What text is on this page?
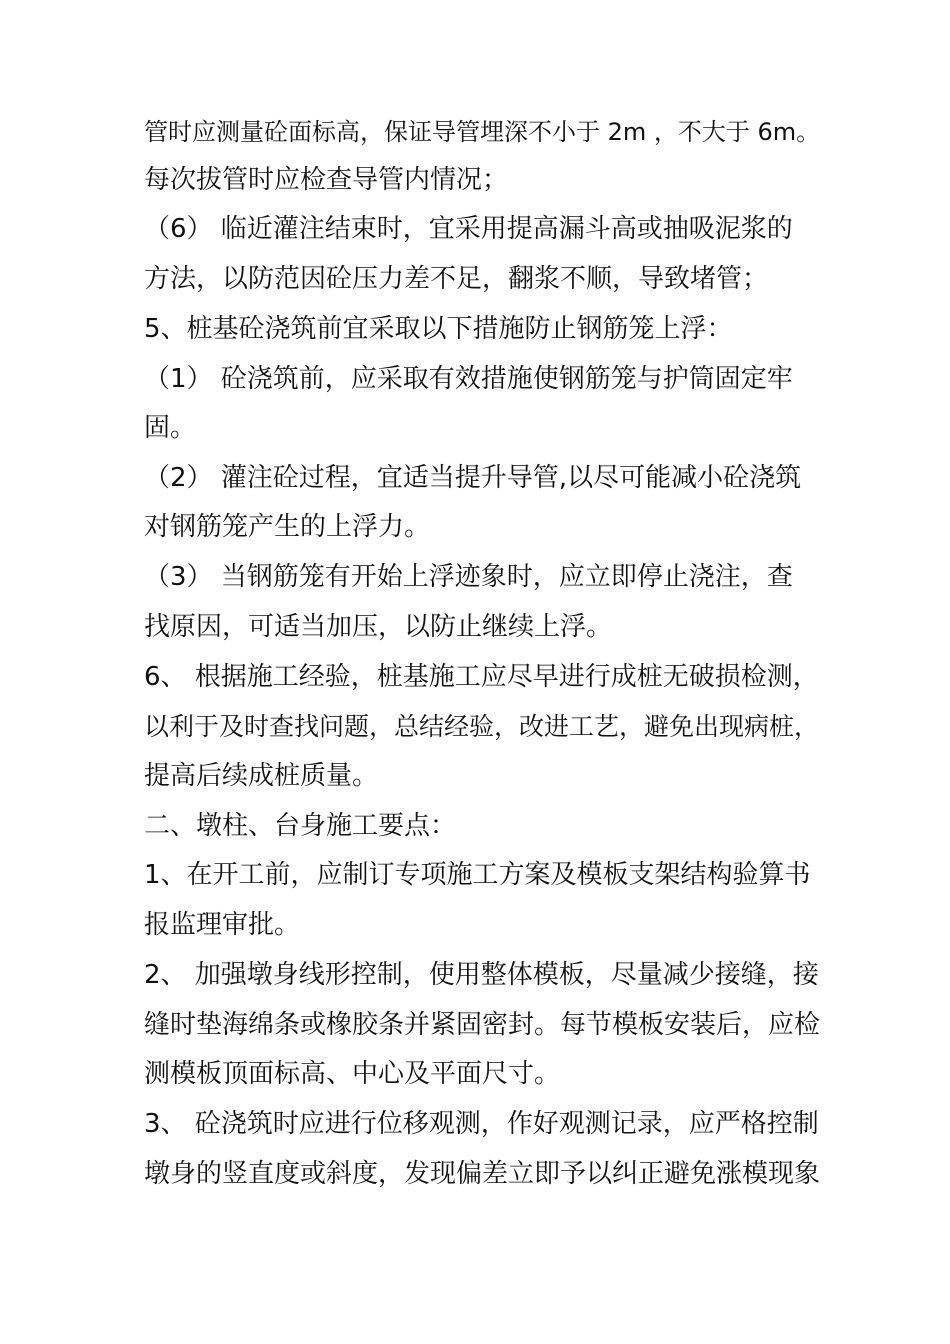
管时应测量砼面标高，保证导管埋深不小于 2m ，不大于 6m。
每次拔管时应检查导管内情况；
（6） 临近灌注结束时，宜采用提高漏斗高或抽吸泥浆的
方法，以防范因砼压力差不足，翻浆不顺，导致堵管；
5、桩基砼浇筑前宜采取以下措施防止钢筋笼上浮：
（1） 砼浇筑前，应采取有效措施使钢筋笼与护筒固定牢
固。
（2） 灌注砼过程，宜适当提升导管,以尽可能减小砼浇筑
对钢筋笼产生的上浮力。
（3） 当钢筋笼有开始上浮迹象时，应立即停止浇注，查
找原因，可适当加压，以防止继续上浮。
6、 根据施工经验，桩基施工应尽早进行成桩无破损检测，
以利于及时查找问题，总结经验，改进工艺，避免出现病桩，
提高后续成桩质量。
二、墩柱、台身施工要点：
1、在开工前，应制订专项施工方案及模板支架结构验算书
报监理审批。
2、 加强墩身线形控制，使用整体模板，尽量减少接缝，接
缝时垫海绵条或橡胶条并紧固密封。每节模板安装后，应检
测模板顶面标高、中心及平面尺寸。
3、 砼浇筑时应进行位移观测，作好观测记录，应严格控制
墩身的竖直度或斜度，发现偏差立即予以纠正避免涨模现象
